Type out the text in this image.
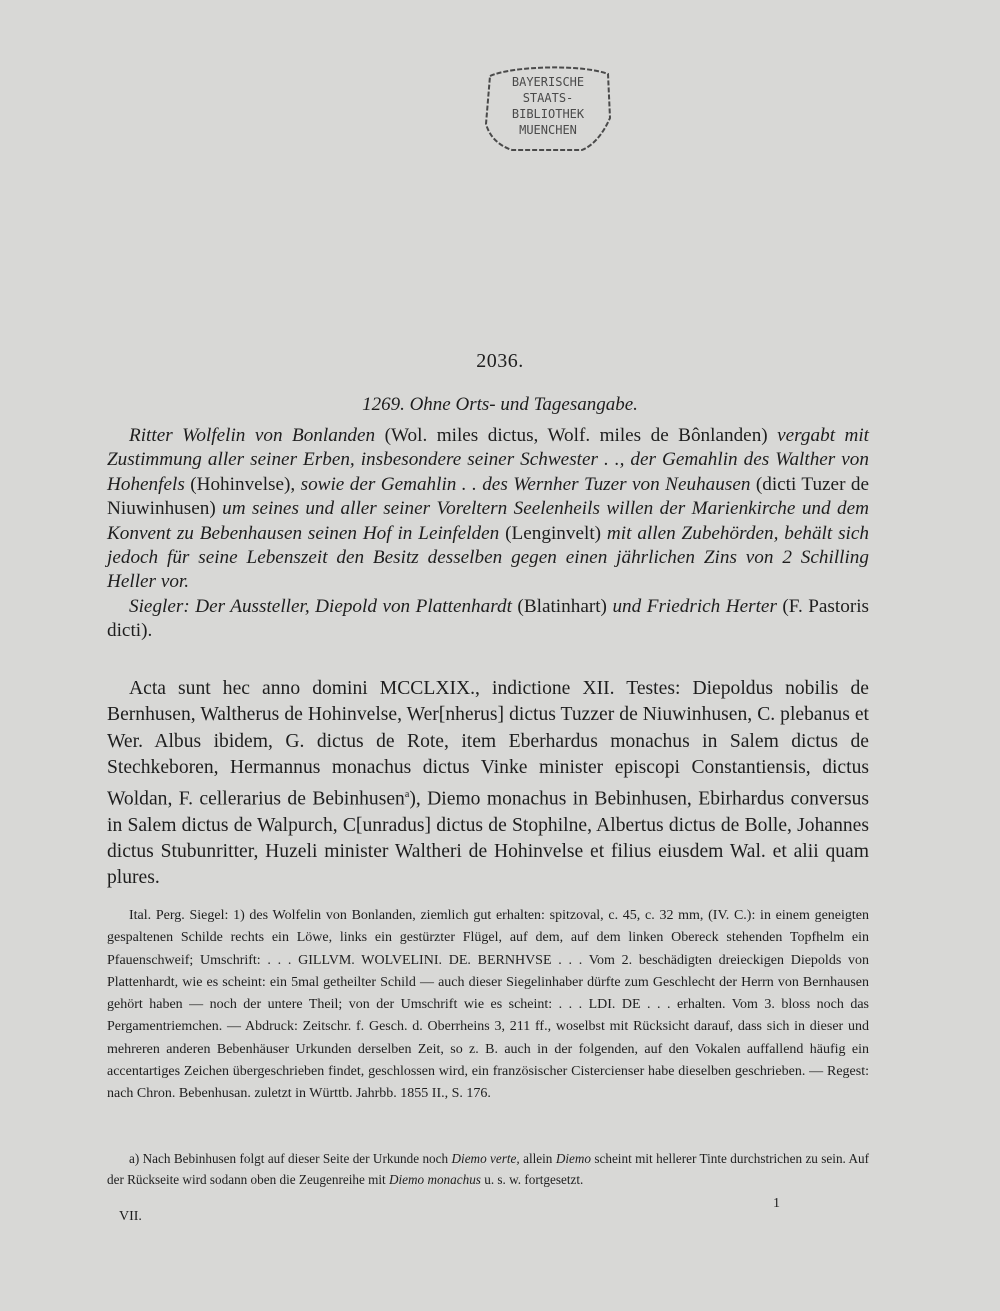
BAYERISCHE
STAATS-
BIBLIOTHEK
MUENCHEN
2036.
1269. Ohne Orts- und Tagesangabe.

Ritter Wolfelin von Bonlanden (Wol. miles dictus, Wolf. miles de Bônlanden) vergabt mit Zustimmung aller seiner Erben, insbesondere seiner Schwester . ., der Gemahlin des Walther von Hohenfels (Hohinvelse), sowie der Gemahlin . . des Wernher Tuzer von Neuhausen (dicti Tuzer de Niuwinhusen) um seines und aller seiner Voreltern Seelenheils willen der Marienkirche und dem Konvent zu Bebenhausen seinen Hof in Leinfelden (Lenginvelt) mit allen Zubehörden, behält sich jedoch für seine Lebenszeit den Besitz desselben gegen einen jährlichen Zins von 2 Schilling Heller vor.

Siegler: Der Aussteller, Diepold von Plattenhardt (Blatinhart) und Friedrich Herter (F. Pastoris dicti).

Acta sunt hec anno domini MCCLXIX., indictione XII. Testes: Diepoldus nobilis de Bernhusen, Waltherus de Hohinvelse, Wer[nherus] dictus Tuzzer de Niuwinhusen, C. plebanus et Wer. Albus ibidem, G. dictus de Rote, item Eberhardus monachus in Salem dictus de Stechkeboren, Hermannus monachus dictus Vinke minister episcopi Constantiensis, dictus Woldan, F. cellerarius de Bebinhusen$^a$), Diemo monachus in Bebinhusen, Ebirhardus conversus in Salem dictus de Walpurch, C[unradus] dictus de Stophilne, Albertus dictus de Bolle, Johannes dictus Stubunritter, Huzeli minister Waltheri de Hohinvelse et filius eiusdem Wal. et alii quam plures.

Ital. Perg. Siegel: 1) des Wolfelin von Bonlanden, ziemlich gut erhalten: spitzoval, c. 45, c. 32 mm, (IV. C.): in einem geneigten gespaltenen Schilde rechts ein Löwe, links ein gestürzter Flügel, auf dem, auf dem linken Obereck stehenden Topfhelm ein Pfauenschweif; Umschrift: . . . GILLVM. WOLVELINI. DE. BERNHVSE . . . Vom 2. beschädigten dreieckigen Diepolds von Plattenhardt, wie es scheint: ein 5mal getheilter Schild — auch dieser Siegelinhaber dürfte zum Geschlecht der Herrn von Bernhausen gehört haben — noch der untere Theil; von der Umschrift wie es scheint: . . . LDI. DE . . . erhalten. Vom 3. bloss noch das Pergamentriemchen. — Abdruck: Zeitschr. f. Gesch. d. Oberrheins 3, 211 ff., woselbst mit Rücksicht darauf, dass sich in dieser und mehreren anderen Bebenhäuser Urkunden derselben Zeit, so z. B. auch in der folgenden, auf den Vokalen auffallend häufig ein accentartiges Zeichen übergeschrieben findet, geschlossen wird, ein französischer Cistercienser habe dieselben geschrieben. — Regest: nach Chron. Bebenhusan. zuletzt in Württb. Jahrbb. 1855 II., S. 176.

a) Nach Bebinhusen folgt auf dieser Seite der Urkunde noch Diemo verte, allein Diemo scheint mit hellerer Tinte durchstrichen zu sein. Auf der Rückseite wird sodann oben die Zeugenreihe mit Diemo monachus u. s. w. fortgesetzt.

VII.
1
